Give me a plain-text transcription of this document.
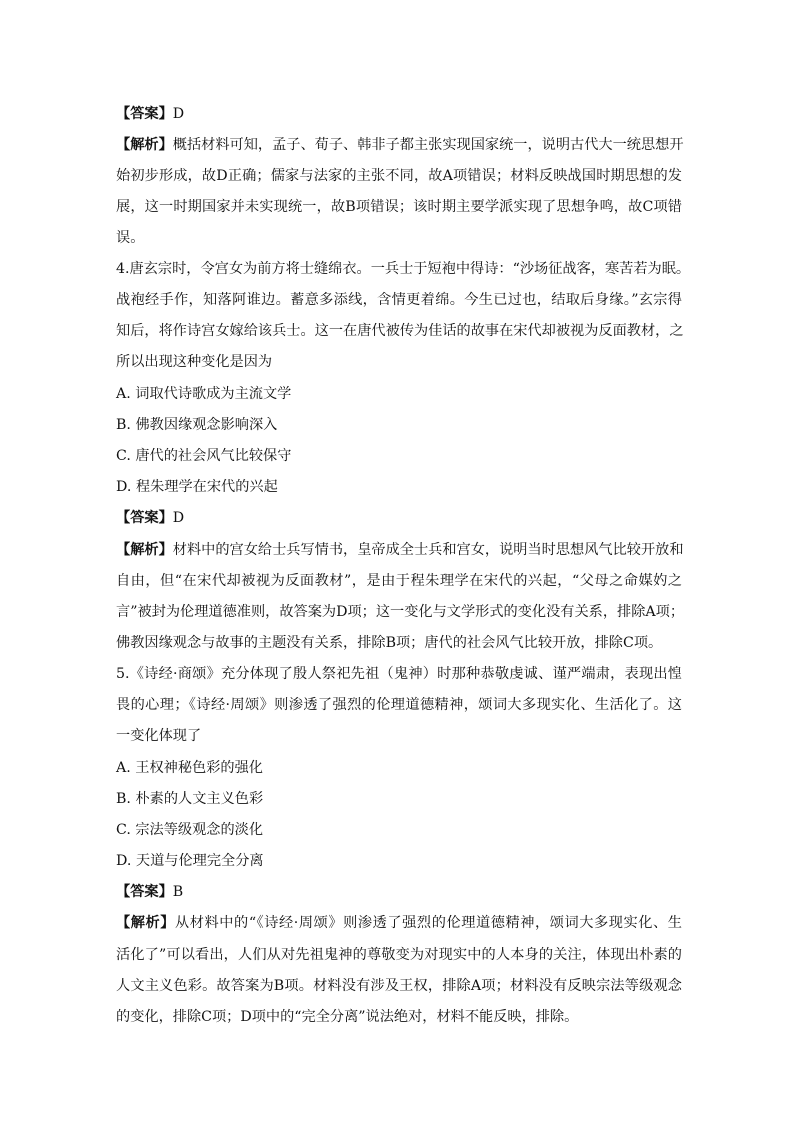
【答案】D
【解析】概括材料可知，孟子、荀子、韩非子都主张实现国家统一，说明古代大一统思想开
始初步形成，故D正确；儒家与法家的主张不同，故A项错误；材料反映战国时期思想的发
展，这一时期国家并未实现统一，故B项错误；该时期主要学派实现了思想争鸣，故C项错
误。
4.唐玄宗时，令宫女为前方将士缝绵衣。一兵士于短袍中得诗：“沙场征战客，寒苦若为眠。
战袍经手作，知落阿谁边。蓄意多添线，含情更着绵。今生已过也，结取后身缘。”玄宗得
知后，将作诗宫女嫁给该兵士。这一在唐代被传为佳话的故事在宋代却被视为反面教材，之
所以出现这种变化是因为
A. 词取代诗歌成为主流文学
B. 佛教因缘观念影响深入
C. 唐代的社会风气比较保守
D. 程朱理学在宋代的兴起
【答案】D
【解析】材料中的宫女给士兵写情书，皇帝成全士兵和宫女，说明当时思想风气比较开放和
自由，但“在宋代却被视为反面教材”，是由于程朱理学在宋代的兴起，“父母之命媒妁之
言”被封为伦理道德准则，故答案为D项；这一变化与文学形式的变化没有关系，排除A项；
佛教因缘观念与故事的主题没有关系，排除B项；唐代的社会风气比较开放，排除C项。
5.《诗经·商颂》充分体现了殷人祭祀先祖（鬼神）时那种恭敬虔诚、谨严端肃，表现出惶
畏的心理；《诗经·周颂》则渗透了强烈的伦理道德精神，颂词大多现实化、生活化了。这
一变化体现了
A. 王权神秘色彩的强化
B. 朴素的人文主义色彩
C. 宗法等级观念的淡化
D. 天道与伦理完全分离
【答案】B
【解析】从材料中的“《诗经·周颂》则渗透了强烈的伦理道德精神，颂词大多现实化、生
活化了”可以看出，人们从对先祖鬼神的尊敬变为对现实中的人本身的关注，体现出朴素的
人文主义色彩。故答案为B项。材料没有涉及王权，排除A项；材料没有反映宗法等级观念
的变化，排除C项；D项中的“完全分离”说法绝对，材料不能反映，排除。
